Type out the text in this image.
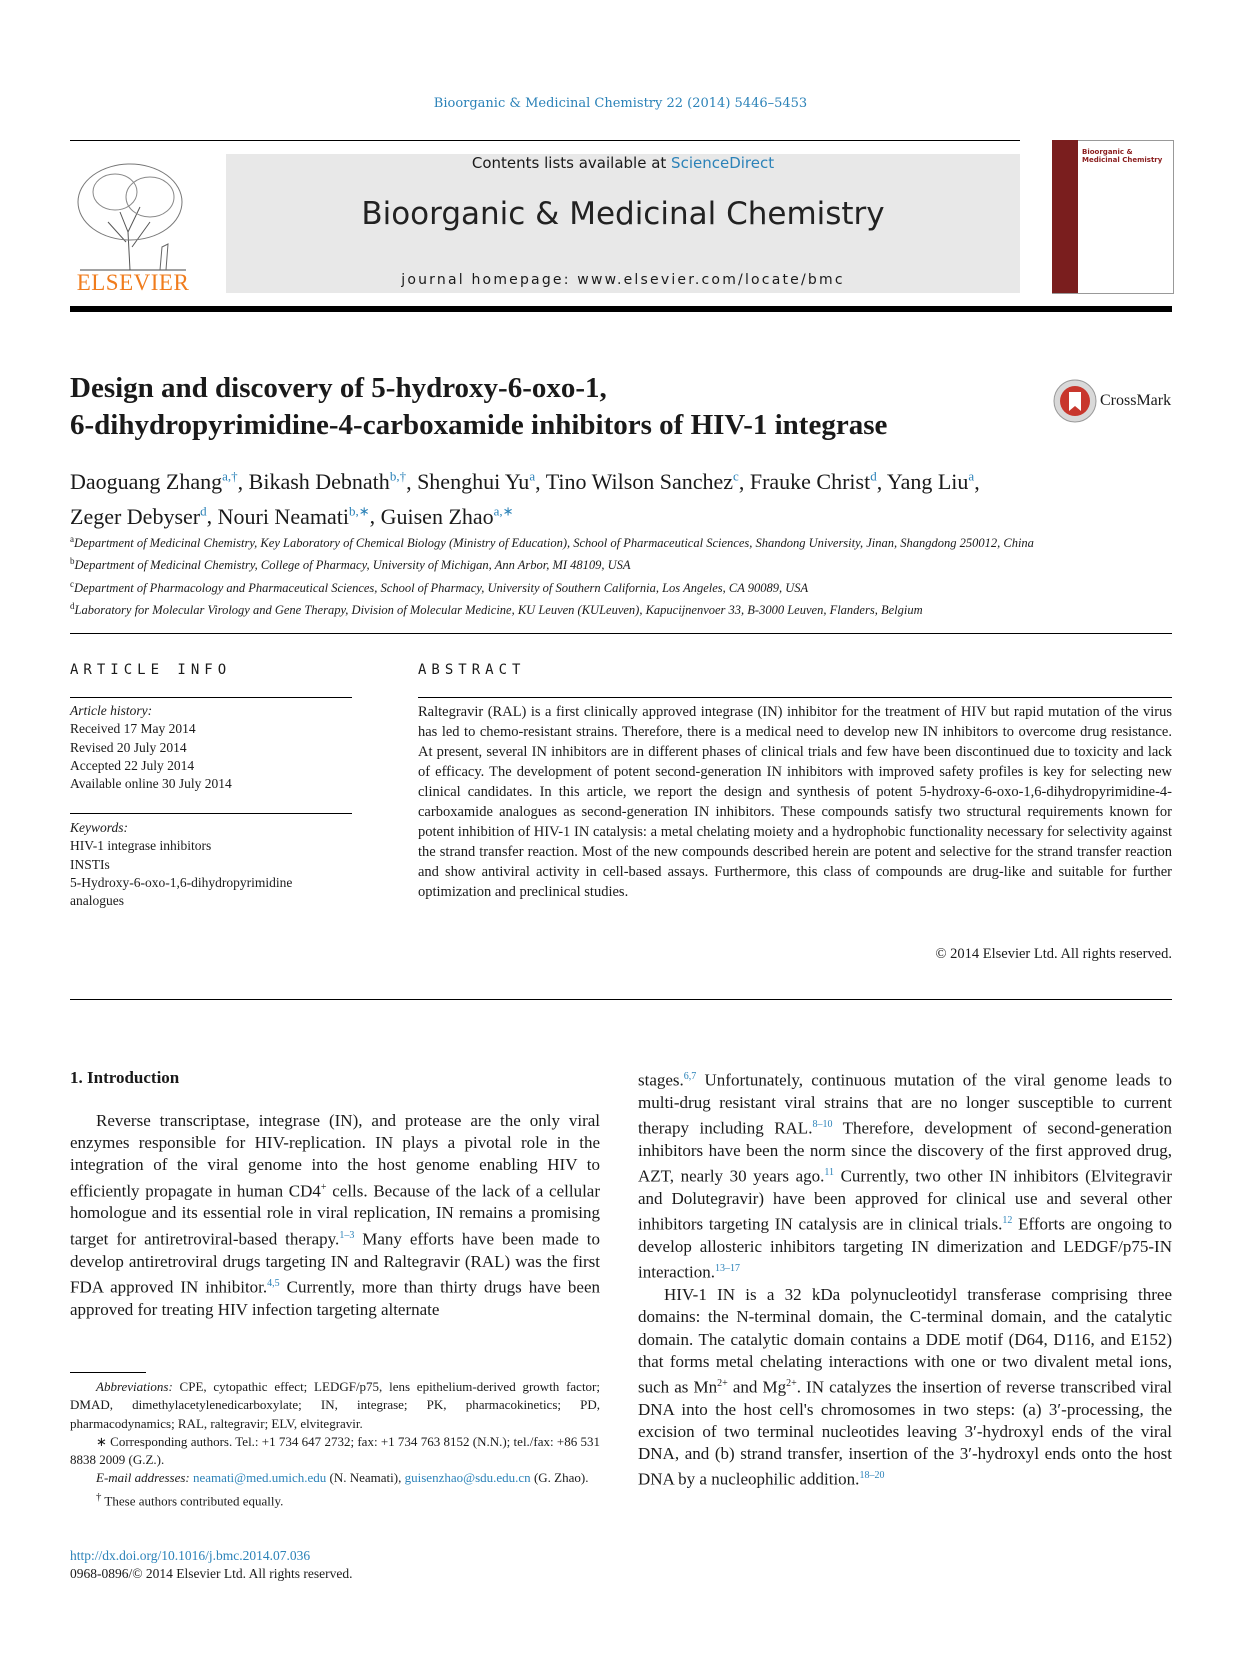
Bioorganic & Medicinal Chemistry 22 (2014) 5446–5453
ELSEVIER
Contents lists available at ScienceDirect
Bioorganic & Medicinal Chemistry
journal homepage: www.elsevier.com/locate/bmc
Bioorganic & Medicinal Chemistry
Design and discovery of 5-hydroxy-6-oxo-1,
6-dihydropyrimidine-4-carboxamide inhibitors of HIV-1 integrase
CrossMark
Daoguang Zhang$^{a,\dagger}$, Bikash Debnath$^{b,\dagger}$, Shenghui Yu$^a$, Tino Wilson Sanchez$^c$, Frauke Christ$^d$, Yang Liu$^a$,
Zeger Debyser$^d$, Nouri Neamati$^{b,∗}$, Guisen Zhao$^{a,∗}$
$^a$Department of Medicinal Chemistry, Key Laboratory of Chemical Biology (Ministry of Education), School of Pharmaceutical Sciences, Shandong University, Jinan, Shangdong 250012, China
$^b$Department of Medicinal Chemistry, College of Pharmacy, University of Michigan, Ann Arbor, MI 48109, USA
$^c$Department of Pharmacology and Pharmaceutical Sciences, School of Pharmacy, University of Southern California, Los Angeles, CA 90089, USA
$^d$Laboratory for Molecular Virology and Gene Therapy, Division of Molecular Medicine, KU Leuven (KULeuven), Kapucijnenvoer 33, B-3000 Leuven, Flanders, Belgium
ARTICLE INFO	ABSTRACT
Article history:
Received 17 May 2014
Revised 20 July 2014
Accepted 22 July 2014
Available online 30 July 2014
Keywords:
HIV-1 integrase inhibitors
INSTIs
5-Hydroxy-6-oxo-1,6-dihydropyrimidine
analogues
Raltegravir (RAL) is a first clinically approved integrase (IN) inhibitor for the treatment of HIV but rapid mutation of the virus has led to chemo-resistant strains. Therefore, there is a medical need to develop new IN inhibitors to overcome drug resistance. At present, several IN inhibitors are in different phases of clinical trials and few have been discontinued due to toxicity and lack of efficacy. The development of potent second-generation IN inhibitors with improved safety profiles is key for selecting new clinical candidates. In this article, we report the design and synthesis of potent 5-hydroxy-6-oxo-1,6-dihydropyrimidine-4-carboxamide analogues as second-generation IN inhibitors. These compounds satisfy two structural requirements known for potent inhibition of HIV-1 IN catalysis: a metal chelating moiety and a hydrophobic functionality necessary for selectivity against the strand transfer reaction. Most of the new compounds described herein are potent and selective for the strand transfer reaction and show antiviral activity in cell-based assays. Furthermore, this class of compounds are drug-like and suitable for further optimization and preclinical studies.
© 2014 Elsevier Ltd. All rights reserved.
1. Introduction

Reverse transcriptase, integrase (IN), and protease are the only viral enzymes responsible for HIV-replication. IN plays a pivotal role in the integration of the viral genome into the host genome enabling HIV to efficiently propagate in human CD4+ cells. Because of the lack of a cellular homologue and its essential role in viral replication, IN remains a promising target for antiretroviral-based therapy.$^{1-3}$ Many efforts have been made to develop antiretroviral drugs targeting IN and Raltegravir (RAL) was the first FDA approved IN inhibitor.$^{4,5}$ Currently, more than thirty drugs have been approved for treating HIV infection targeting alternate

stages.$^{6,7}$ Unfortunately, continuous mutation of the viral genome leads to multi-drug resistant viral strains that are no longer susceptible to current therapy including RAL.$^{8-10}$ Therefore, development of second-generation inhibitors have been the norm since the discovery of the first approved drug, AZT, nearly 30 years ago.$^{11}$ Currently, two other IN inhibitors (Elvitegravir and Dolutegravir) have been approved for clinical use and several other inhibitors targeting IN catalysis are in clinical trials.$^{12}$ Efforts are ongoing to develop allosteric inhibitors targeting IN dimerization and LEDGF/p75-IN interaction.$^{13-17}$

HIV-1 IN is a 32 kDa polynucleotidyl transferase comprising three domains: the N-terminal domain, the C-terminal domain, and the catalytic domain. The catalytic domain contains a DDE motif (D64, D116, and E152) that forms metal chelating interactions with one or two divalent metal ions, such as $Mn^{2+}$ and $Mg^{2+}$. IN catalyzes the insertion of reverse transcribed viral DNA into the host cell's chromosomes in two steps: (a) 3′-processing, the excision of two terminal nucleotides leaving 3′-hydroxyl ends of the viral DNA, and (b) strand transfer, insertion of the 3′-hydroxyl ends onto the host DNA by a nucleophilic addition.$^{18-20}$

Abbreviations: CPE, cytopathic effect; LEDGF/p75, lens epithelium-derived growth factor; DMAD, dimethylacetylenedicarboxylate; IN, integrase; PK, pharmacokinetics; PD, pharmacodynamics; RAL, raltegravir; ELV, elvitegravir.

∗ Corresponding authors. Tel.: +1 734 647 2732; fax: +1 734 763 8152 (N.N.); tel./fax: +86 531 8838 2009 (G.Z.).

E-mail addresses: neamati@med.umich.edu (N. Neamati), guisenzhao@sdu.edu.cn (G. Zhao).

† These authors contributed equally.

http://dx.doi.org/10.1016/j.bmc.2014.07.036
0968-0896/© 2014 Elsevier Ltd. All rights reserved.
